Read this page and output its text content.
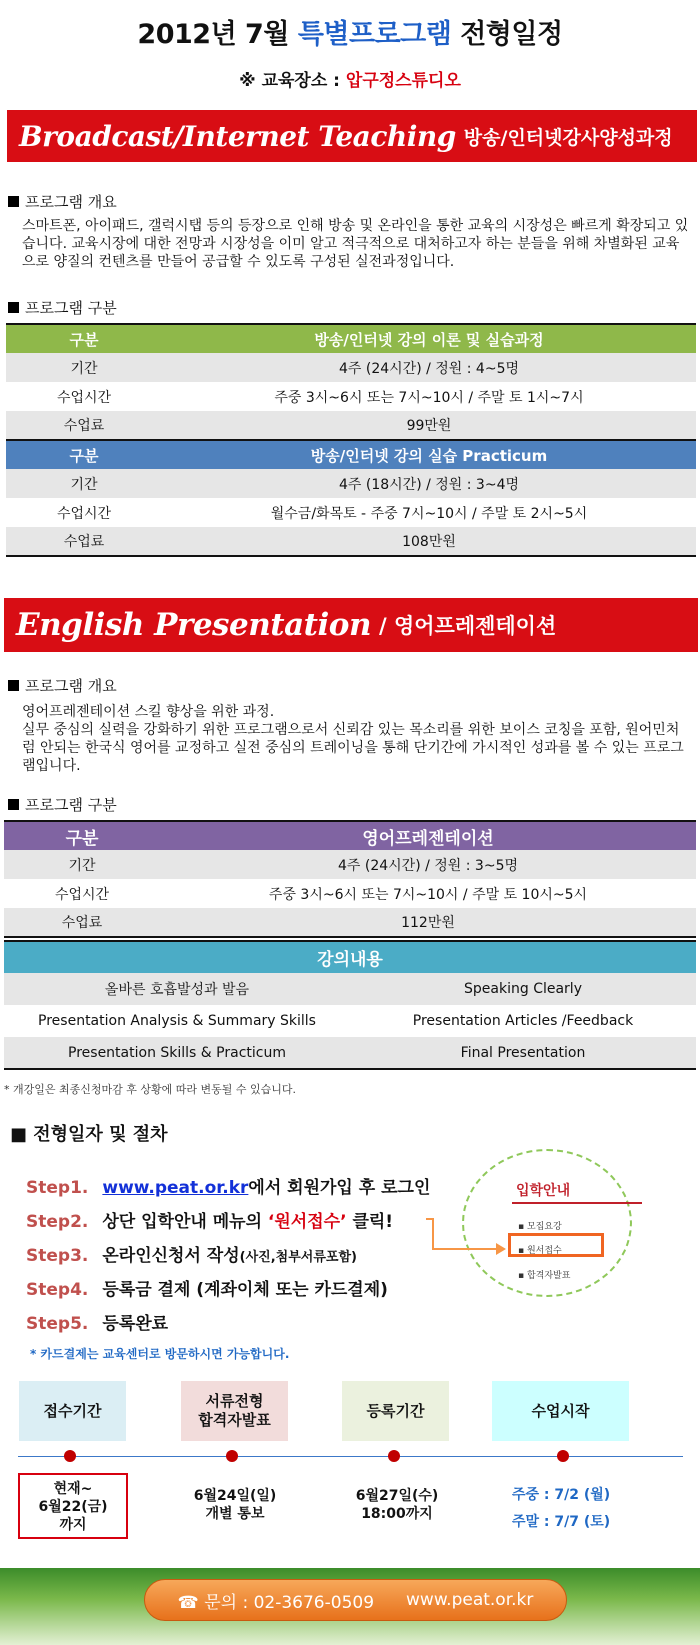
2012년 7월 특별프로그램 전형일정
※ 교육장소 : 압구정스튜디오
Broadcast/Internet Teaching 방송/인터넷강사양성과정
프로그램 개요
스마트폰, 아이패드, 갤럭시탭 등의 등장으로 인해 방송 및 온라인을 통한 교육의 시장성은 빠르게 확장되고 있습니다. 교육시장에 대한 전망과 시장성을 이미 알고 적극적으로 대처하고자 하는 분들을 위해 차별화된 교육으로 양질의 컨텐츠를 만들어 공급할 수 있도록 구성된 실전과정입니다.
프로그램 구분
구분	방송/인터넷 강의 이론 및 실습과정
기간	4주 (24시간) / 정원 : 4~5명
수업시간	주중 3시~6시 또는 7시~10시 / 주말 토 1시~7시
수업료	99만원
구분	방송/인터넷 강의 실습 Practicum
기간	4주 (18시간) / 정원 : 3~4명
수업시간	월수금/화목토 - 주중 7시~10시 / 주말 토 2시~5시
수업료	108만원
English Presentation / 영어프레젠테이션
프로그램 개요
영어프레젠테이션 스킬 향상을 위한 과정.
실무 중심의 실력을 강화하기 위한 프로그램으로서 신뢰감 있는 목소리를 위한 보이스 코칭을 포함, 원어민처럼 안되는 한국식 영어를 교정하고 실전 중심의 트레이닝을 통해 단기간에 가시적인 성과를 볼 수 있는 프로그램입니다.
프로그램 구분
구분	영어프레젠테이션
기간	4주 (24시간) / 정원 : 3~5명
수업시간	주중 3시~6시 또는 7시~10시 / 주말 토 10시~5시
수업료	112만원
강의내용	
올바른 호흡발성과 발음	Speaking Clearly
Presentation Analysis & Summary Skills	Presentation Articles /Feedback
Presentation Skills & Practicum	Final Presentation
* 개강일은 최종신청마감 후 상황에 따라 변동될 수 있습니다.
■ 전형일자 및 절차
Step1. www.peat.or.kr에서 회원가입 후 로그인
Step2. 상단 입학안내 메뉴의 ‘원서접수’ 클릭!
Step3. 온라인신청서 작성(사진,첨부서류포함)
Step4. 등록금 결제 (계좌이체 또는 카드결제)
Step5. 등록완료
* 카드결제는 교육센터로 방문하시면 가능합니다.
입학안내
▪ 모집요강
▪ 원서접수
▪ 합격자발표
접수기간
서류전형
합격자발표
등록기간	수업시작
현재~
6월22(금)
까지
6월24일(일)
개별 통보
6월27일(수)
18:00까지
주중 : 7/2 (월)
주말 : 7/7 (토)
☎ 문의 : 02-3676-0509 www.peat.or.kr
